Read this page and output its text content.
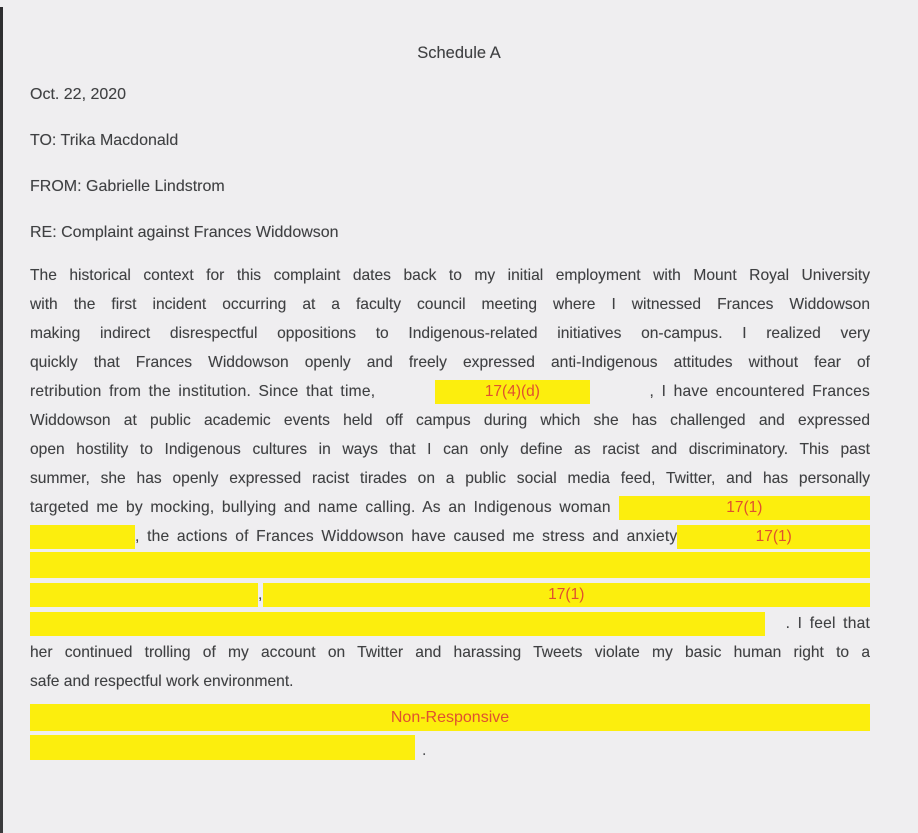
Schedule A
Oct. 22, 2020
TO: Trika Macdonald
FROM: Gabrielle Lindstrom
RE: Complaint against Frances Widdowson
The historical context for this complaint dates back to my initial employment with Mount Royal University
with the first incident occurring at a faculty council meeting where I witnessed Frances Widdowson
making indirect disrespectful oppositions to Indigenous-related initiatives on-campus. I realized very
quickly that Frances Widdowson openly and freely expressed anti-Indigenous attitudes without fear of
retribution from the institution. Since that time,	17(4)(d)	, I have encountered Frances
Widdowson at public academic events held off campus during which she has challenged and expressed
open hostility to Indigenous cultures in ways that I can only define as racist and discriminatory. This past
summer, she has openly expressed racist tirades on a public social media feed, Twitter, and has personally
targeted me by mocking, bullying and name calling. As an Indigenous woman	17(1)
, the actions of Frances Widdowson have caused me stress and anxiety	17(1)
,	17(1)
. I feel that
her continued trolling of my account on Twitter and harassing Tweets violate my basic human right to a
safe and respectful work environment.
Non-Responsive
.
